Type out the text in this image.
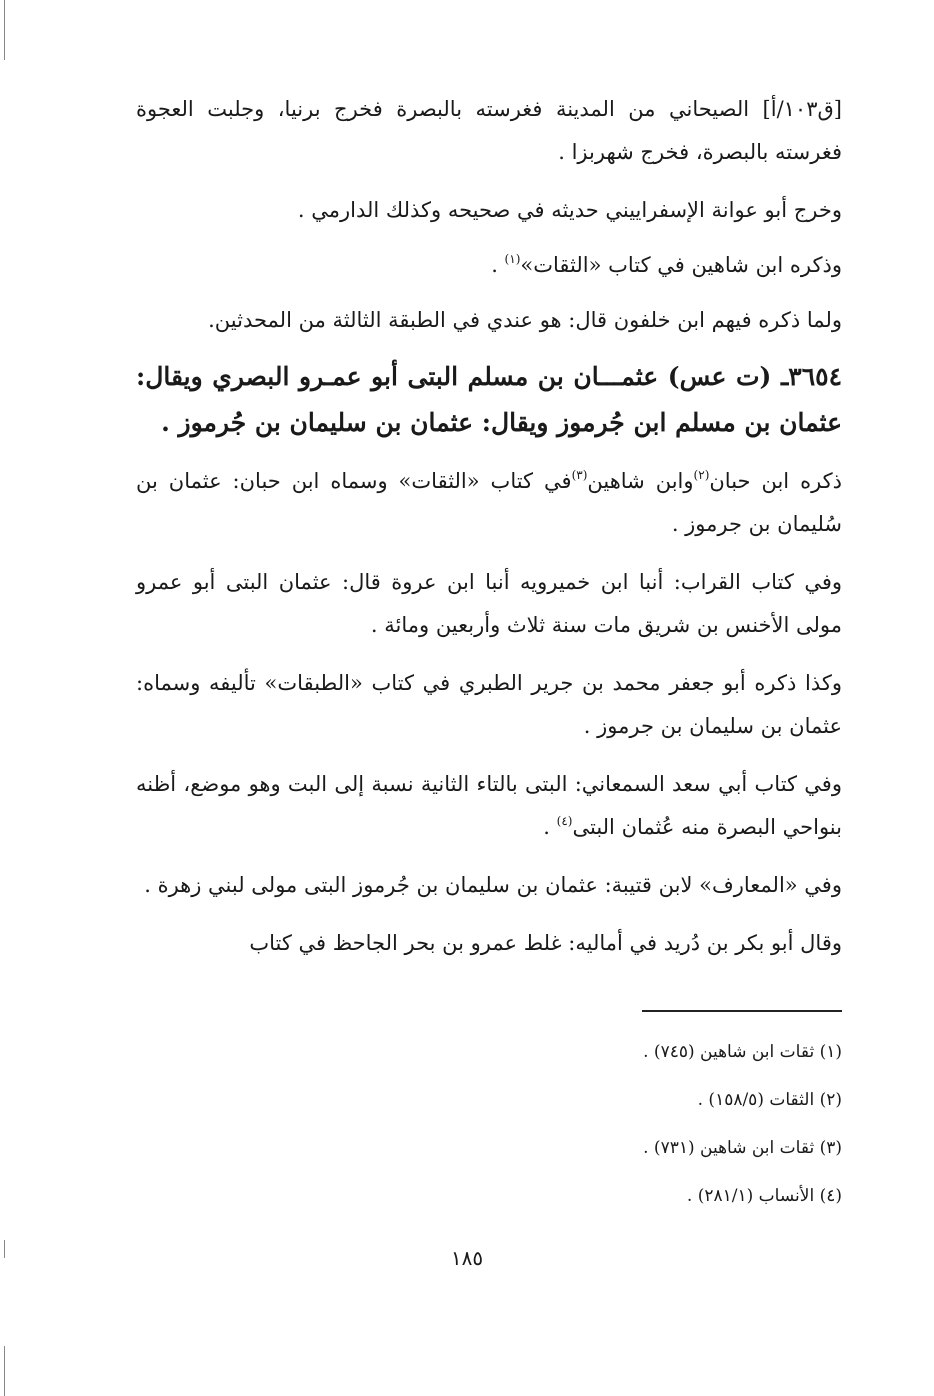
[ق١٠٣/أ] الصيحاني من المدينة فغرسته بالبصرة فخرج برنيا، وجلبت العجوة فغرسته بالبصرة، فخرج شهربزا .

وخرج أبو عوانة الإسفراييني حديثه في صحيحه وكذلك الدارمي .

وذكره ابن شاهين في كتاب «الثقات»$^{(١)}$ .

ولما ذكره فيهم ابن خلفون قال: هو عندي في الطبقة الثالثة من المحدثين.

٣٦٥٤ـ (ت عس) عثمـــان بن مسلم البتى أبو عمـرو البصري ويقال: عثمان بن مسلم ابن جُرموز ويقال: عثمان بن سليمان بن جُرموز .

ذكره ابن حبان$^{(٢)}$وابن شاهين$^{(٣)}$في كتاب «الثقات» وسماه ابن حبان: عثمان بن سُليمان بن جرموز .

وفي كتاب القراب: أنبا ابن خميرويه أنبا ابن عروة قال: عثمان البتى أبو عمرو مولى الأخنس بن شريق مات سنة ثلاث وأربعين ومائة .

وكذا ذكره أبو جعفر محمد بن جرير الطبري في كتاب «الطبقات» تأليفه وسماه: عثمان بن سليمان بن جرموز .

وفي كتاب أبي سعد السمعاني: البتى بالتاء الثانية نسبة إلى البت وهو موضع، أظنه بنواحي البصرة منه عُثمان البتى$^{(٤)}$ .

وفي «المعارف» لابن قتيبة: عثمان بن سليمان بن جُرموز البتى مولى لبني زهرة .

وقال أبو بكر بن دُريد في أماليه: غلط عمرو بن بحر الجاحظ في كتاب

(١) ثقات ابن شاهين (٧٤٥) .
(٢) الثقات (١٥٨/٥) .
(٣) ثقات ابن شاهين (٧٣١) .
(٤) الأنساب (٢٨١/١) .
١٨٥
